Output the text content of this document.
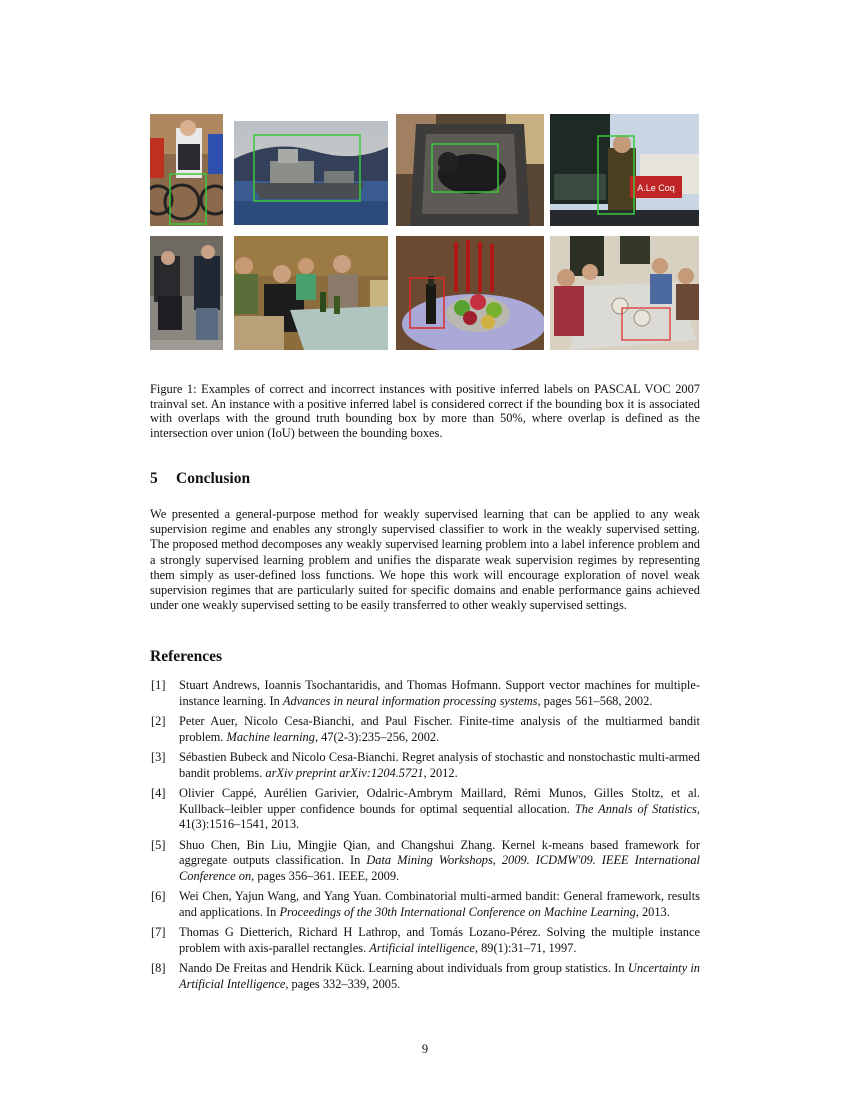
A.Le Coq
Figure 1: Examples of correct and incorrect instances with positive inferred labels on PASCAL VOC 2007 trainval set. An instance with a positive inferred label is considered correct if the bounding box it is associated with overlaps with the ground truth bounding box by more than 50%, where overlap is defined as the intersection over union (IoU) between the bounding boxes.
5 Conclusion
We presented a general-purpose method for weakly supervised learning that can be applied to any weak supervision regime and enables any strongly supervised classifier to work in the weakly supervised setting. The proposed method decomposes any weakly supervised learning problem into a label inference problem and a strongly supervised learning problem and unifies the disparate weak supervision regimes by representing them simply as user-defined loss functions. We hope this work will encourage exploration of novel weak supervision regimes that are particularly suited for specific domains and enable performance gains achieved under one weakly supervised setting to be easily transferred to other weakly supervised settings.
References
[1] Stuart Andrews, Ioannis Tsochantaridis, and Thomas Hofmann. Support vector machines for multiple-instance learning. In Advances in neural information processing systems, pages 561–568, 2002.
[2] Peter Auer, Nicolo Cesa-Bianchi, and Paul Fischer. Finite-time analysis of the multiarmed bandit problem. Machine learning, 47(2-3):235–256, 2002.
[3] Sébastien Bubeck and Nicolo Cesa-Bianchi. Regret analysis of stochastic and nonstochastic multi-armed bandit problems. arXiv preprint arXiv:1204.5721, 2012.
[4] Olivier Cappé, Aurélien Garivier, Odalric-Ambrym Maillard, Rémi Munos, Gilles Stoltz, et al. Kullback–leibler upper confidence bounds for optimal sequential allocation. The Annals of Statistics, 41(3):1516–1541, 2013.
[5] Shuo Chen, Bin Liu, Mingjie Qian, and Changshui Zhang. Kernel k-means based framework for aggregate outputs classification. In Data Mining Workshops, 2009. ICDMW'09. IEEE International Conference on, pages 356–361. IEEE, 2009.
[6] Wei Chen, Yajun Wang, and Yang Yuan. Combinatorial multi-armed bandit: General framework, results and applications. In Proceedings of the 30th International Conference on Machine Learning, 2013.
[7] Thomas G Dietterich, Richard H Lathrop, and Tomás Lozano-Pérez. Solving the multiple instance problem with axis-parallel rectangles. Artificial intelligence, 89(1):31–71, 1997.
[8] Nando De Freitas and Hendrik Kück. Learning about individuals from group statistics. In Uncertainty in Artificial Intelligence, pages 332–339, 2005.
9
